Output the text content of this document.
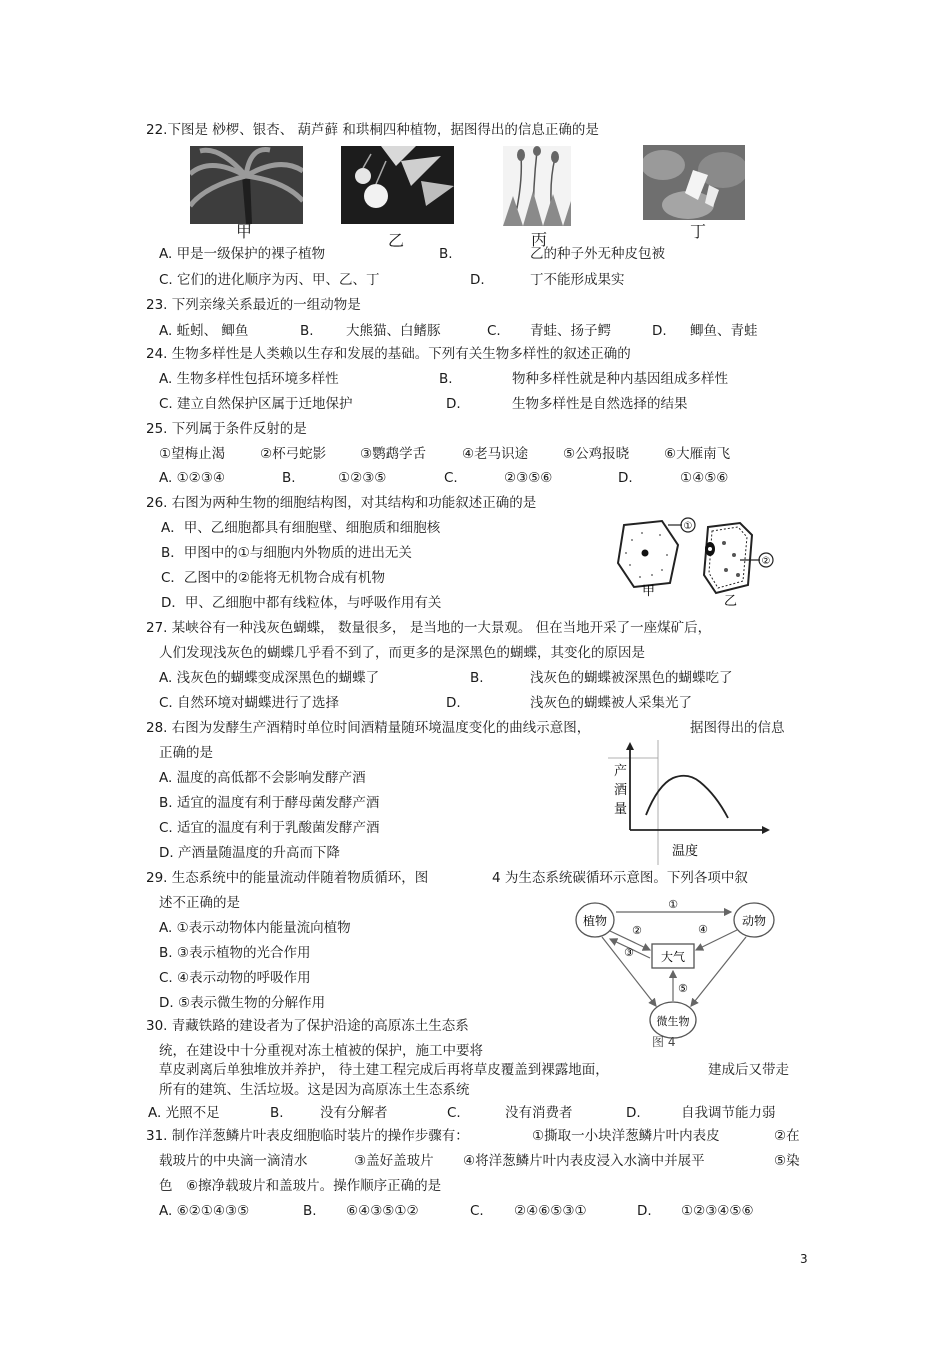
22.下图是 桫椤、银杏、 葫芦藓 和珙桐四种植物，据图得出的信息正确的是
甲	乙	丙	丁
A. 甲是一级保护的裸子植物	B.	乙的种子外无种皮包被
C. 它们的进化顺序为丙、甲、乙、丁	D.	丁不能形成果实
23. 下列亲缘关系最近的一组动物是
A. 蚯蚓、 鲫鱼	B. 大熊猫、白鳍豚	C. 青蛙、扬子鳄	D. 鲫鱼、青蛙
24. 生物多样性是人类赖以生存和发展的基础。下列有关生物多样性的叙述正确的
A. 生物多样性包括环境多样性	B.	物种多样性就是种内基因组成多样性
C. 建立自然保护区属于迁地保护	D.	生物多样性是自然选择的结果
25. 下列属于条件反射的是
①望梅止渴	②杯弓蛇影	③鹦鹉学舌	④老马识途	⑤公鸡报晓	⑥大雁南飞
A. ①②③④	B.	①②③⑤	C.	②③⑤⑥	D.	①④⑤⑥
26. 右图为两种生物的细胞结构图，对其结构和功能叙述正确的是
A．甲、乙细胞都具有细胞壁、细胞质和细胞核
B．甲图中的①与细胞内外物质的进出无关
C．乙图中的②能将无机物合成有机物
D．甲、乙细胞中都有线粒体，与呼吸作用有关
①
②
甲
乙
27. 某峡谷有一种浅灰色蝴蝶， 数量很多， 是当地的一大景观。 但在当地开采了一座煤矿后，
人们发现浅灰色的蝴蝶几乎看不到了，而更多的是深黑色的蝴蝶，其变化的原因是
A. 浅灰色的蝴蝶变成深黑色的蝴蝶了	B.	浅灰色的蝴蝶被深黑色的蝴蝶吃了
C. 自然环境对蝴蝶进行了选择	D.	浅灰色的蝴蝶被人采集光了
28. 右图为发酵生产酒精时单位时间酒精量随环境温度变化的曲线示意图，	据图得出的信息
正确的是
A. 温度的高低都不会影响发酵产酒
B. 适宜的温度有利于酵母菌发酵产酒
C. 适宜的温度有利于乳酸菌发酵产酒
D. 产酒量随温度的升高而下降
产
酒
量
温度
29. 生态系统中的能量流动伴随着物质循环，图	4 为生态系统碳循环示意图。下列各项中叙
述不正确的是
A. ①表示动物体内能量流向植物
B. ③表示植物的光合作用
C. ④表示动物的呼吸作用
D. ⑤表示微生物的分解作用
植物	动物
大气
微生物
①
②
③
④
⑤
图 4
30. 青藏铁路的建设者为了保护沿途的高原冻土生态系
统，在建设中十分重视对冻土植被的保护，施工中要将
草皮剥离后单独堆放并养护， 待土建工程完成后再将草皮覆盖到裸露地面，	建成后又带走
所有的建筑、生活垃圾。这是因为高原冻土生态系统
A. 光照不足	B.	没有分解者	C.	没有消费者	D.	自我调节能力弱
31. 制作洋葱鳞片叶表皮细胞临时装片的操作步骤有：	①撕取一小块洋葱鳞片叶内表皮	②在
载玻片的中央滴一滴清水	③盖好盖玻片 ④将洋葱鳞片叶内表皮浸入水滴中并展平	⑤染
色 ⑥擦净载玻片和盖玻片。操作顺序正确的是
A. ⑥②①④③⑤	B. ⑥④③⑤①②	C. ②④⑥⑤③①	D. ①②③④⑤⑥
3
